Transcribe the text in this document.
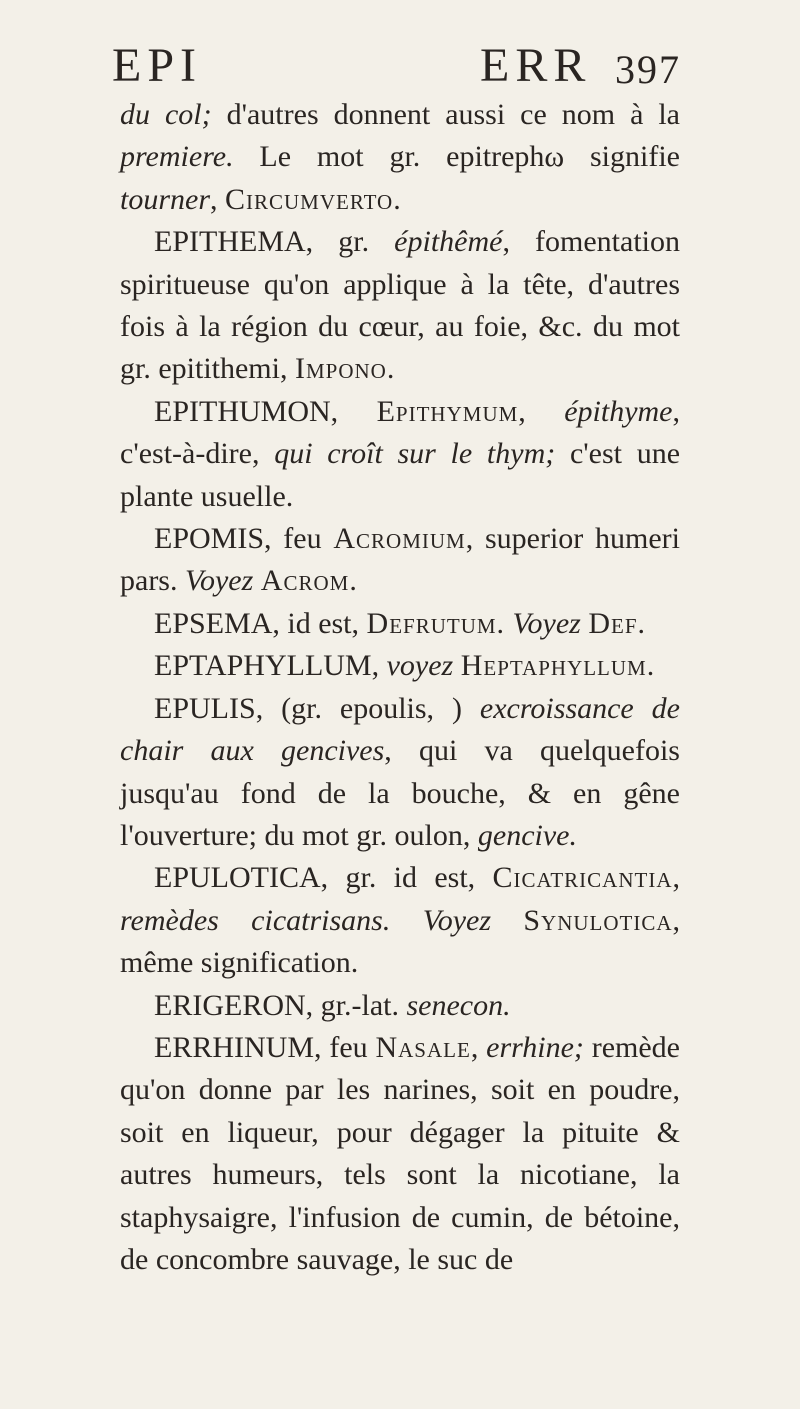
EPI	ERR 397

du col; d'autres donnent aussi ce nom à la premiere. Le mot gr. epitrephω signifie tourner, Circumverto.

EPITHEMA, gr. épithêmé, fomentation spiritueuse qu'on applique à la tête, d'autres fois à la région du cœur, au foie, &c. du mot gr. epitithemi, Impono.

EPITHUMON, Epithymum, épithyme, c'est-à-dire, qui croît sur le thym; c'est une plante usuelle.

EPOMIS, feu Acromium, superior humeri pars. Voyez Acrom.

EPSEMA, id est, Defrutum. Voyez Def.

EPTAPHYLLUM, voyez Heptaphyllum.

EPULIS, (gr. epoulis, ) excroissance de chair aux gencives, qui va quelquefois jusqu'au fond de la bouche, & en gêne l'ouverture; du mot gr. oulon, gencive.

EPULOTICA, gr. id est, Cicatricantia, remèdes cicatrisans. Voyez Synulotica, même signification.

ERIGERON, gr.-lat. senecon.

ERRHINUM, feu Nasale, errhine; remède qu'on donne par les narines, soit en poudre, soit en liqueur, pour dégager la pituite & autres humeurs, tels sont la nicotiane, la staphysaigre, l'infusion de cumin, de bétoine, de concombre sauvage, le suc de
